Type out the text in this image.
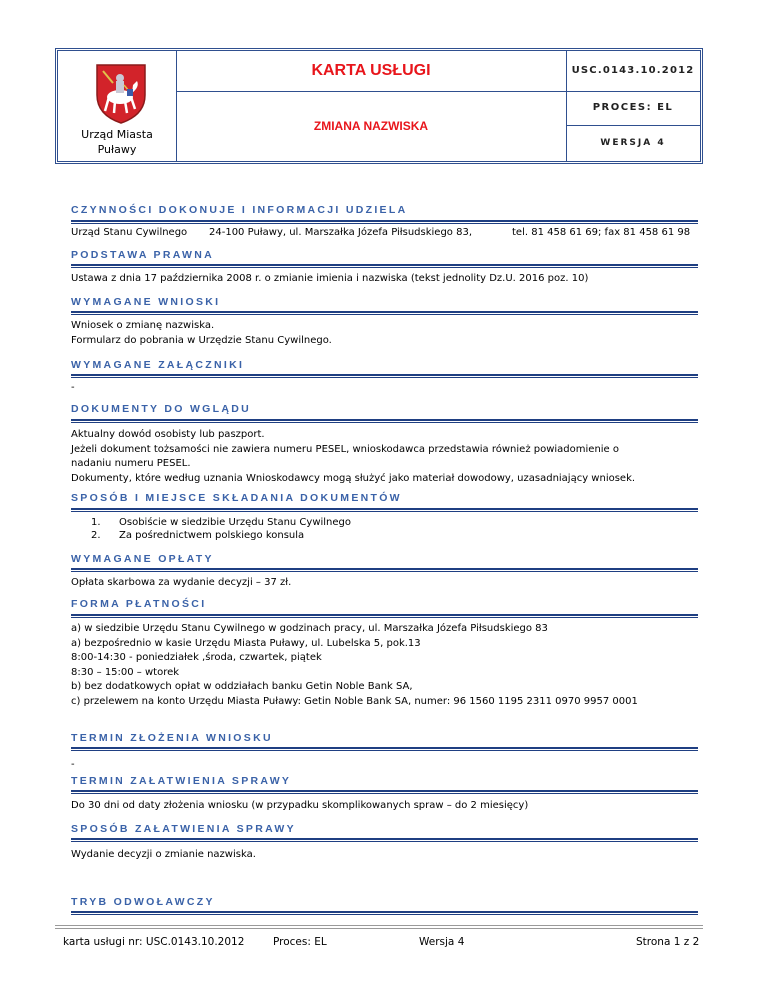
Urząd Miasta
Puławy
KARTA USŁUGI	USC.0143.10.2012
ZMIANA NAZWISKA
PROCES: EL
WERSJA 4
CZYNNOŚCI DOKONUJE I INFORMACJI UDZIELA
Urząd Stanu Cywilnego 24-100 Puławy, ul. Marszałka Józefa Piłsudskiego 83,	tel. 81 458 61 69; fax 81 458 61 98
PODSTAWA PRAWNA
Ustawa z dnia 17 października 2008 r. o zmianie imienia i nazwiska (tekst jednolity Dz.U. 2016 poz. 10)
WYMAGANE WNIOSKI

Wniosek o zmianę nazwiska.

Formularz do pobrania w Urzędzie Stanu Cywilnego.

WYMAGANE ZAŁĄCZNIKI
-
DOKUMENTY DO WGLĄDU

Aktualny dowód osobisty lub paszport.

Jeżeli dokument tożsamości nie zawiera numeru PESEL, wnioskodawca przedstawia również powiadomienie o

nadaniu numeru PESEL.

Dokumenty, które według uznania Wnioskodawcy mogą służyć jako materiał dowodowy, uzasadniający wniosek.

SPOSÓB I MIEJSCE SKŁADANIA DOKUMENTÓW
1. Osobiście w siedzibie Urzędu Stanu Cywilnego
2. Za pośrednictwem polskiego konsula
WYMAGANE OPŁATY
Opłata skarbowa za wydanie decyzji – 37 zł.
FORMA PŁATNOŚCI

a) w siedzibie Urzędu Stanu Cywilnego w godzinach pracy, ul. Marszałka Józefa Piłsudskiego 83

a) bezpośrednio w kasie Urzędu Miasta Puławy, ul. Lubelska 5, pok.13

8:00-14:30 - poniedziałek ,środa, czwartek, piątek

8:30 – 15:00 – wtorek

b) bez dodatkowych opłat w oddziałach banku Getin Noble Bank SA,

c) przelewem na konto Urzędu Miasta Puławy: Getin Noble Bank SA, numer: 96 1560 1195 2311 0970 9957 0001

TERMIN ZŁOŻENIA WNIOSKU
-
TERMIN ZAŁATWIENIA SPRAWY
Do 30 dni od daty złożenia wniosku (w przypadku skomplikowanych spraw – do 2 miesięcy)
SPOSÓB ZAŁATWIENIA SPRAWY
Wydanie decyzji o zmianie nazwiska.
TRYB ODWOŁAWCZY
karta usługi nr: USC.0143.10.2012	Proces: EL	Wersja 4	Strona 1 z 2
